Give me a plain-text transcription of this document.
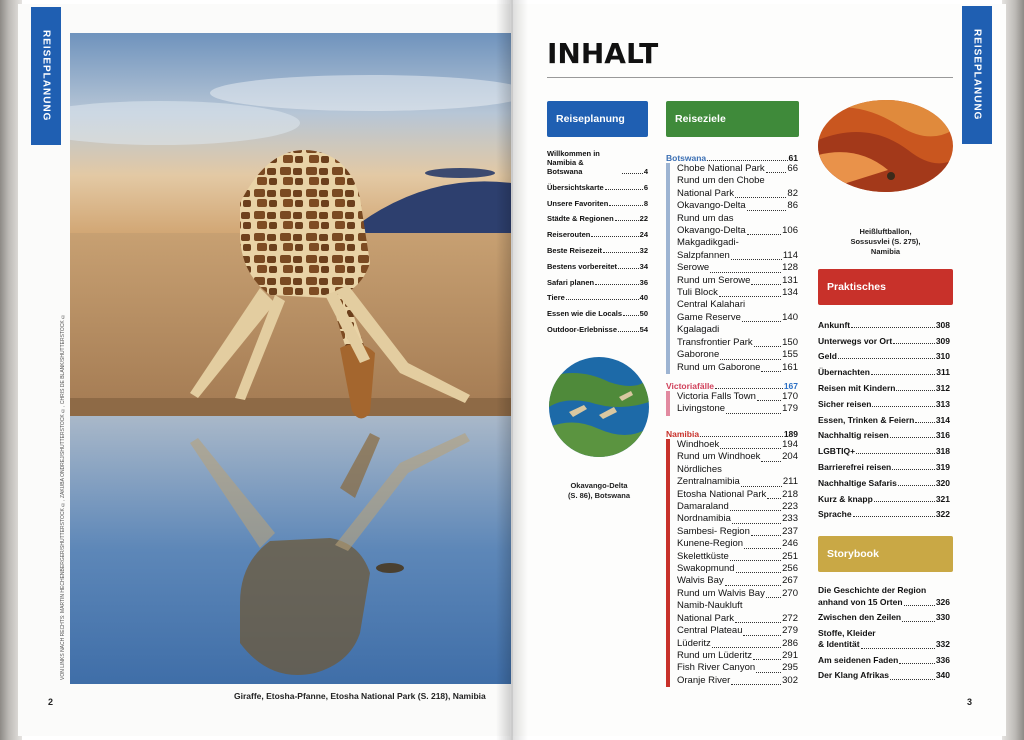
REISEPLANUNG
VON LINKS NACH RECHTS: MARTIN HECHENBERGER/SHUTTERSTOCK ©, ZAKUBA ONDREJ/SHUTTERSTOCK ©, CHRIS DE BLANK/SHUTTERSTOCK ©
Giraffe, Etosha-Pfanne, Etosha National Park (S. 218), Namibia
2
INHALT	REISEPLANUNG
Reiseplanung
Willkommen in Namibia & Botswana	4
Übersichtskarte	6
Unsere Favoriten	8
Städte & Regionen	22
Reiserouten	24
Beste Reisezeit	32
Bestens vorbereitet	34
Safari planen	36
Tiere	40
Essen wie die Locals 50
Outdoor-Erlebnisse	54
Okavango-Delta
(S. 86), Botswana
Reiseziele
Botswana	61
Chobe National Park 66
Rund um den Chobe
National Park	82
Okavango-Delta	86
Rund um das
Okavango-Delta	106
Makgadikgadi-
Salzpfannen	114
Serowe	128
Rund um Serowe	131
Tuli Block	134
Central Kalahari
Game Reserve	140
Kgalagadi
Transfrontier Park	150
Gaborone	155
Rund um Gaborone 161
Victoriafälle	167
Victoria Falls Town	170
Livingstone	179
Namibia	189
Windhoek	194
Rund um Windhoek 204
Nördliches
Zentralnamibia	211
Etosha National Park 218
Damaraland	223
Nordnamibia	233
Sambesi- Region	237
Kunene-Region	246
Skelettküste	251
Swakopmund	256
Walvis Bay	267
Rund um Walvis Bay 270
Namib-Naukluft
National Park	272
Central Plateau	279
Lüderitz	286
Rund um Lüderitz	291
Fish River Canyon	295
Oranje River	302
Heißluftballon,
Sossusvlei (S. 275),
Namibia
Praktisches
Ankunft	308
Unterwegs vor Ort	309
Geld	310
Übernachten	311
Reisen mit Kindern	312
Sicher reisen	313
Essen, Trinken & Feiern	314
Nachhaltig reisen	316
LGBTIQ+	318
Barrierefrei reisen	319
Nachhaltige Safaris	320
Kurz & knapp	321
Sprache	322
Storybook
Die Geschichte der Region
anhand von 15 Orten	326
Zwischen den Zeilen	330
Stoffe, Kleider
& Identität	332
Am seidenen Faden	336
Der Klang Afrikas	340
3
